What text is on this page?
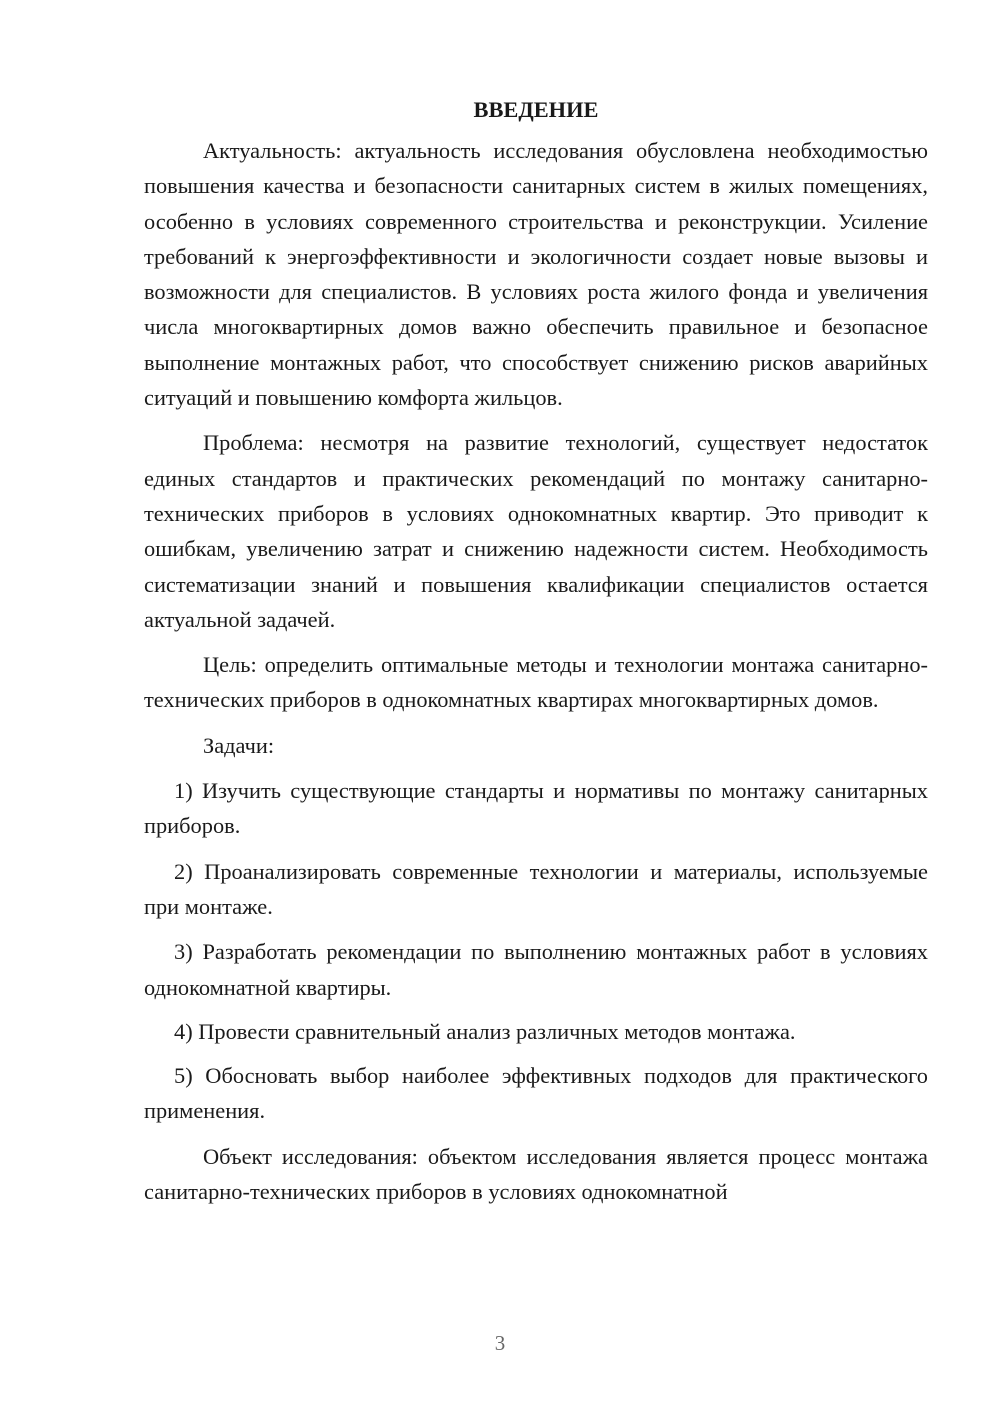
ВВЕДЕНИЕ

Актуальность: актуальность исследования обусловлена необходимостью повышения качества и безопасности санитарных систем в жилых помещениях, особенно в условиях современного строительства и реконструкции. Усиление требований к энергоэффективности и экологичности создает новые вызовы и возможности для специалистов. В условиях роста жилого фонда и увеличения числа многоквартирных домов важно обеспечить правильное и безопасное выполнение монтажных работ, что способствует снижению рисков аварийных ситуаций и повышению комфорта жильцов.

Проблема: несмотря на развитие технологий, существует недостаток единых стандартов и практических рекомендаций по монтажу санитарно-технических приборов в условиях однокомнатных квартир. Это приводит к ошибкам, увеличению затрат и снижению надежности систем. Необходимость систематизации знаний и повышения квалификации специалистов остается актуальной задачей.

Цель: определить оптимальные методы и технологии монтажа санитарно-технических приборов в однокомнатных квартирах многоквартирных домов.

Задачи:

1) Изучить существующие стандарты и нормативы по монтажу санитарных приборов.

2) Проанализировать современные технологии и материалы, используемые при монтаже.

3) Разработать рекомендации по выполнению монтажных работ в условиях однокомнатной квартиры.

4) Провести сравнительный анализ различных методов монтажа.

5) Обосновать выбор наиболее эффективных подходов для практического применения.

Объект исследования: объектом исследования является процесс монтажа санитарно-технических приборов в условиях однокомнатной

3
